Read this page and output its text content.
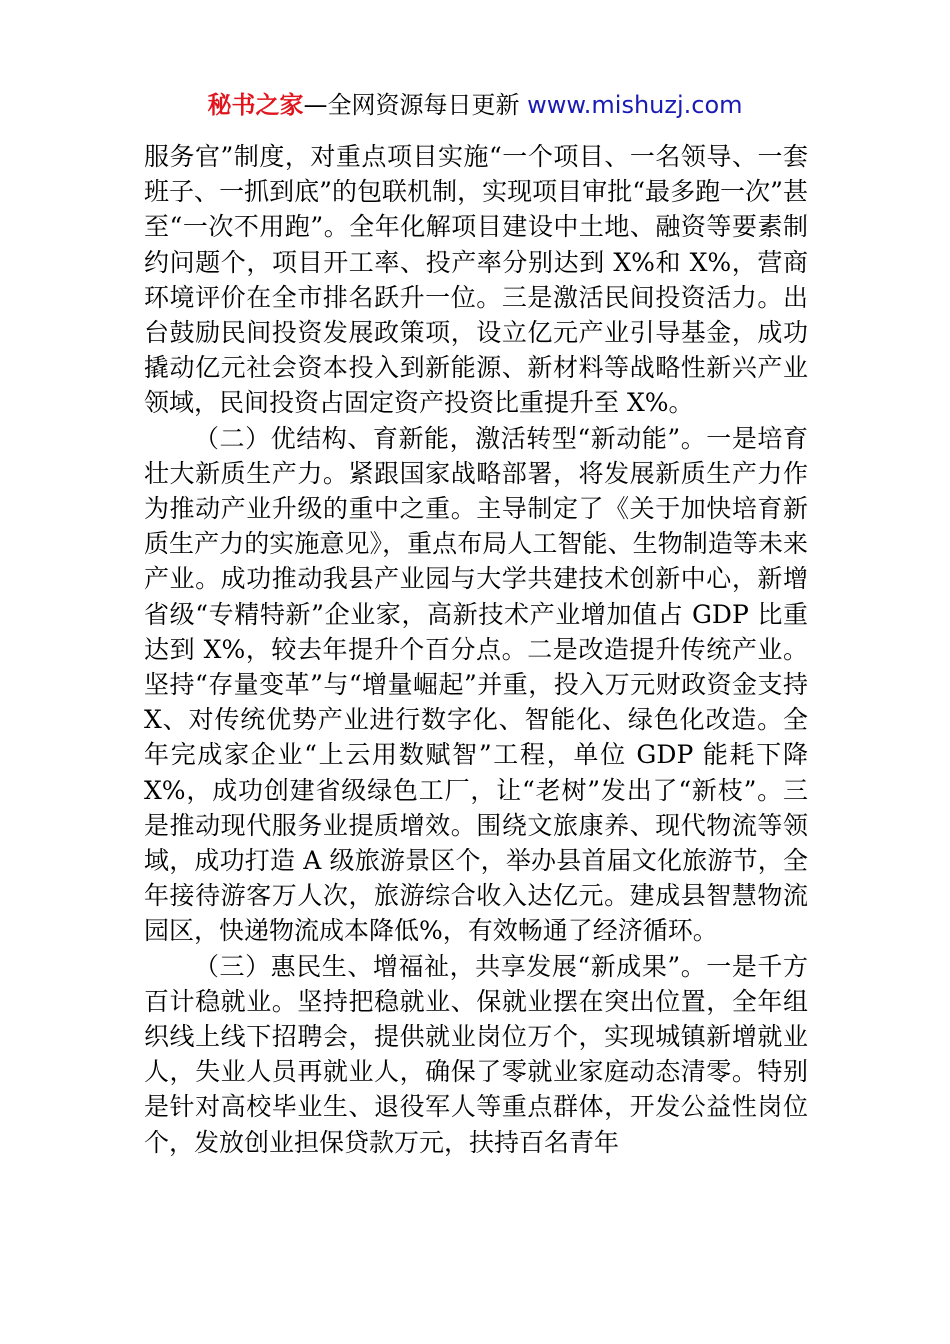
秘书之家—全网资源每日更新 www.mishuzj.com

服务官”制度，对重点项目实施“一个项目、一名领导、一套班子、一抓到底”的包联机制，实现项目审批“最多跑一次”甚至“一次不用跑”。全年化解项目建设中土地、融资等要素制约问题个，项目开工率、投产率分别达到 X%和 X%，营商环境评价在全市排名跃升一位。三是激活民间投资活力。出台鼓励民间投资发展政策项，设立亿元产业引导基金，成功撬动亿元社会资本投入到新能源、新材料等战略性新兴产业领域，民间投资占固定资产投资比重提升至 X%。

（二）优结构、育新能，激活转型“新动能”。一是培育壮大新质生产力。紧跟国家战略部署，将发展新质生产力作为推动产业升级的重中之重。主导制定了《关于加快培育新质生产力的实施意见》，重点布局人工智能、生物制造等未来产业。成功推动我县产业园与大学共建技术创新中心，新增省级“专精特新”企业家，高新技术产业增加值占 GDP 比重达到 X%，较去年提升个百分点。二是改造提升传统产业。坚持“存量变革”与“增量崛起”并重，投入万元财政资金支持 X、对传统优势产业进行数字化、智能化、绿色化改造。全年完成家企业“上云用数赋智”工程，单位 GDP 能耗下降 X%，成功创建省级绿色工厂，让“老树”发出了“新枝”。三是推动现代服务业提质增效。围绕文旅康养、现代物流等领域，成功打造 A 级旅游景区个，举办县首届文化旅游节，全年接待游客万人次，旅游综合收入达亿元。建成县智慧物流园区，快递物流成本降低%，有效畅通了经济循环。

（三）惠民生、增福祉，共享发展“新成果”。一是千方百计稳就业。坚持把稳就业、保就业摆在突出位置，全年组织线上线下招聘会，提供就业岗位万个，实现城镇新增就业人，失业人员再就业人，确保了零就业家庭动态清零。特别是针对高校毕业生、退役军人等重点群体，开发公益性岗位个，发放创业担保贷款万元，扶持百名青年
